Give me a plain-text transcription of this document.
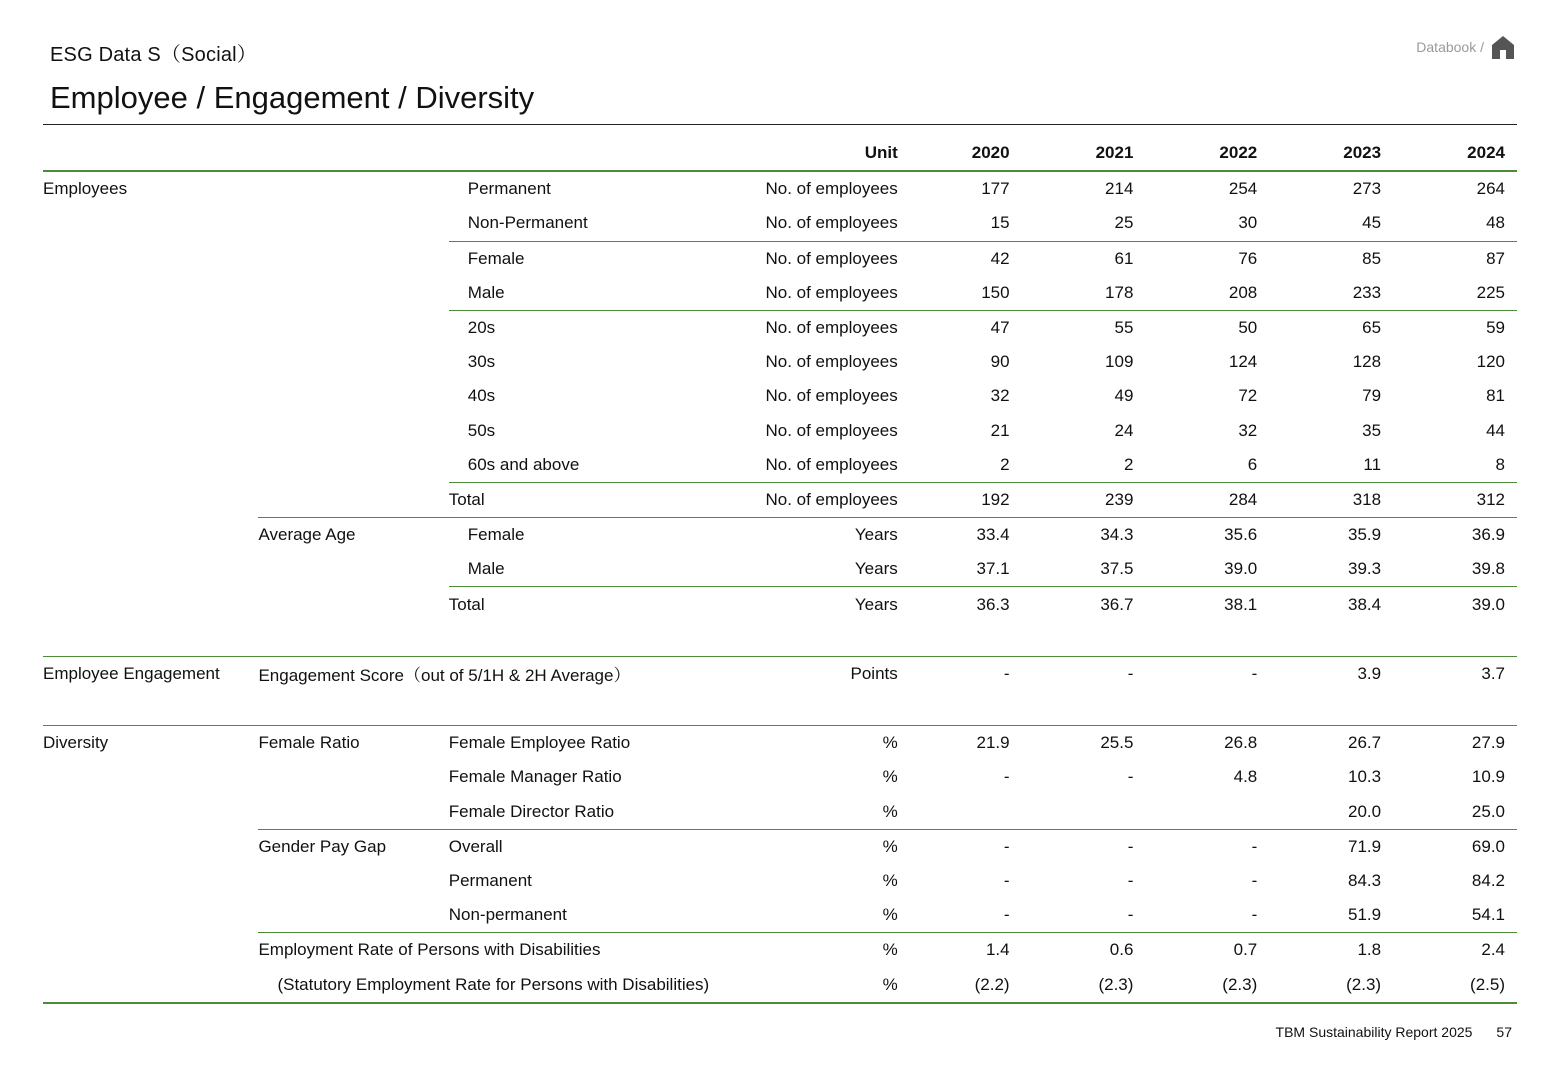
ESG Data S（Social）
Employee / Engagement / Diversity
Databook /
			Unit	2020	2021	2022	2023	2024
Employees		Permanent	No. of employees	177	214	254	273	264
		Non-Permanent	No. of employees	15	25	30	45	48
		Female	No. of employees	42	61	76	85	87
		Male	No. of employees	150	178	208	233	225
		20s	No. of employees	47	55	50	65	59
		30s	No. of employees	90	109	124	128	120
		40s	No. of employees	32	49	72	79	81
		50s	No. of employees	21	24	32	35	44
		60s and above	No. of employees	2	2	6	11	8
		Total	No. of employees	192	239	284	318	312
	Average Age	Female	Years	33.4	34.3	35.6	35.9	36.9
		Male	Years	37.1	37.5	39.0	39.3	39.8
		Total	Years	36.3	36.7	38.1	38.4	39.0

Employee Engagement	Engagement Score（out of 5/1H & 2H Average）		Points	-	-	-	3.9	3.7

Diversity	Female Ratio	Female Employee Ratio	%	21.9	25.5	26.8	26.7	27.9
		Female Manager Ratio	%	-	-	4.8	10.3	10.9
		Female Director Ratio	%				20.0	25.0
	Gender Pay Gap	Overall	%	-	-	-	71.9	69.0
		Permanent	%	-	-	-	84.3	84.2
		Non-permanent	%	-	-	-	51.9	54.1
	Employment Rate of Persons with Disabilities		%	1.4	0.6	0.7	1.8	2.4
	(Statutory Employment Rate for Persons with Disabilities)		%	(2.2)	(2.3)	(2.3)	(2.3)	(2.5)
TBM Sustainability Report 2025 57
